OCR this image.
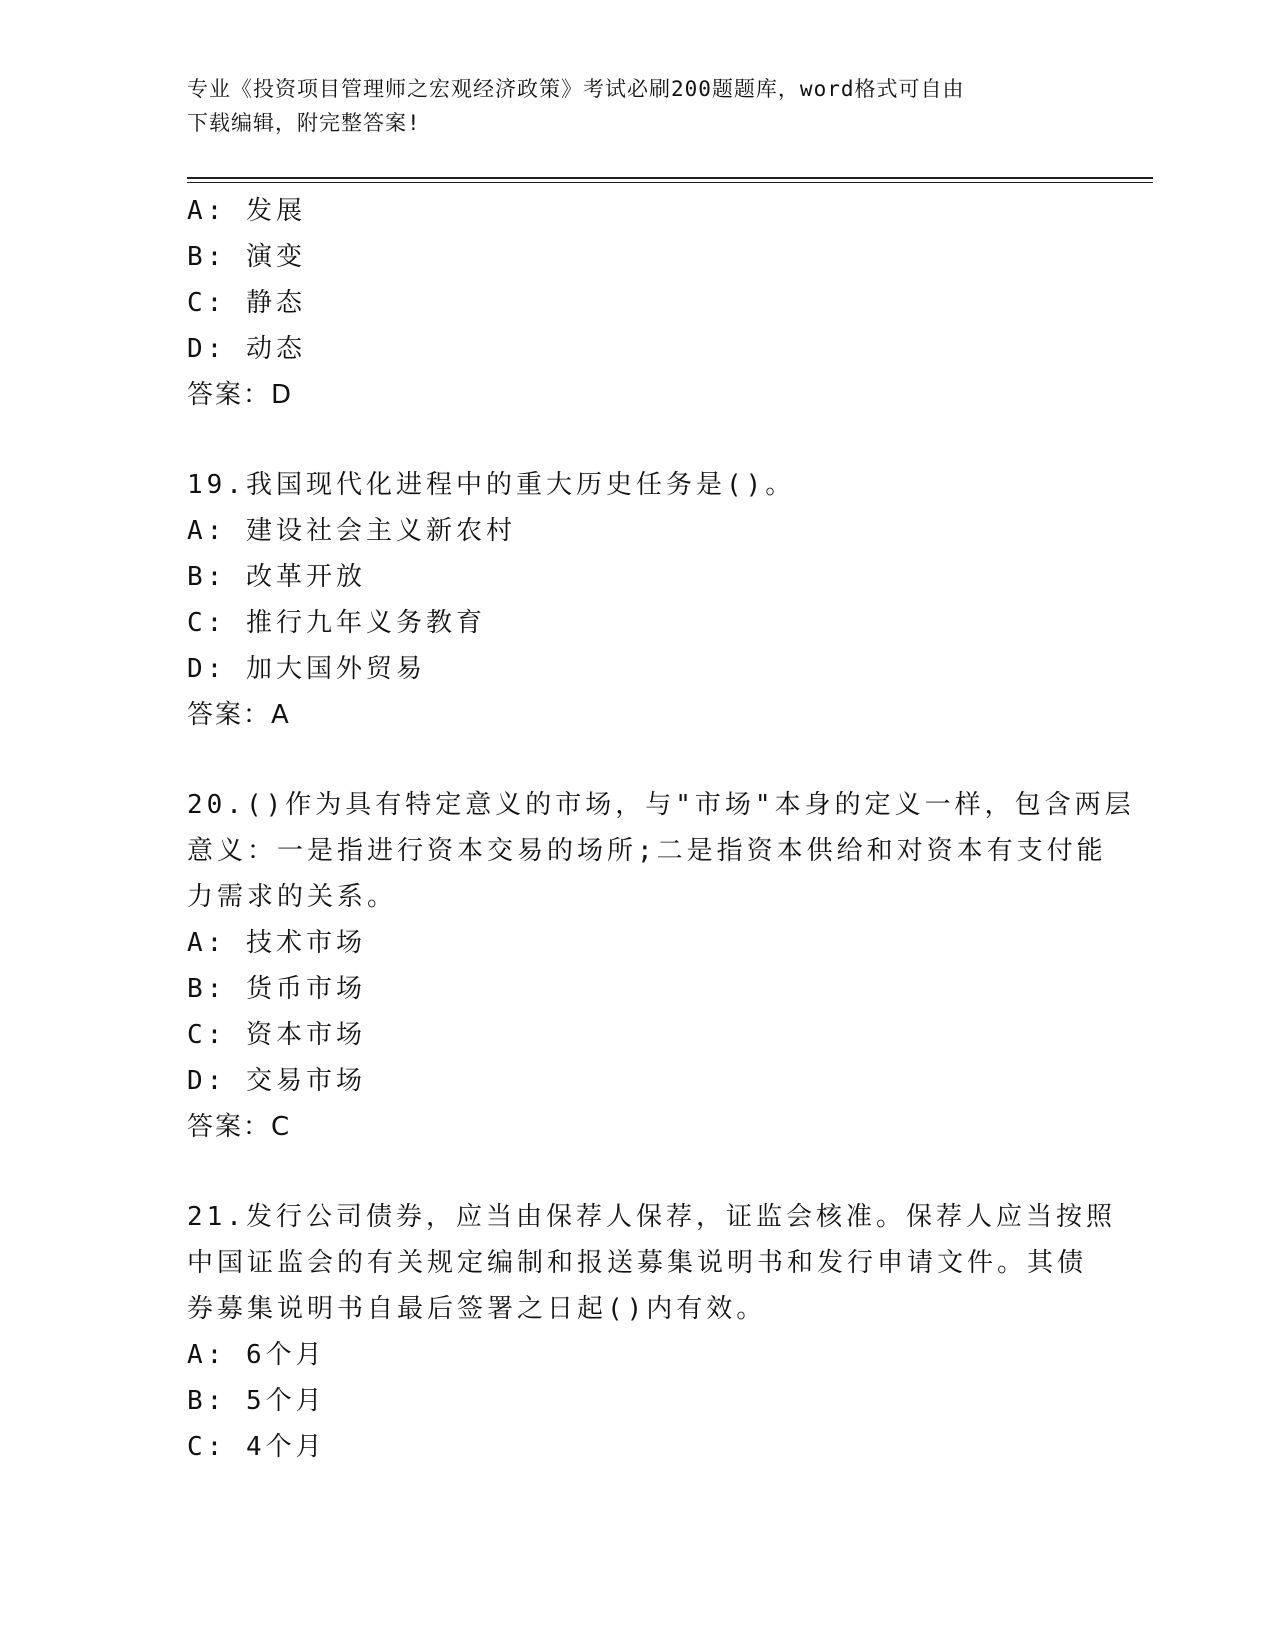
专业《投资项目管理师之宏观经济政策》考试必刷200题题库，word格式可自由
下载编辑，附完整答案!
A: 发展
B: 演变
C: 静态
D: 动态
答案：D
19.我国现代化进程中的重大历史任务是()。
A: 建设社会主义新农村
B: 改革开放
C: 推行九年义务教育
D: 加大国外贸易
答案：A
20.()作为具有特定意义的市场，与"市场"本身的定义一样，包含两层
意义：一是指进行资本交易的场所;二是指资本供给和对资本有支付能
力需求的关系。
A: 技术市场
B: 货币市场
C: 资本市场
D: 交易市场
答案：C
21.发行公司债券，应当由保荐人保荐，证监会核准。保荐人应当按照
中国证监会的有关规定编制和报送募集说明书和发行申请文件。其债
券募集说明书自最后签署之日起()内有效。
A: 6个月
B: 5个月
C: 4个月
